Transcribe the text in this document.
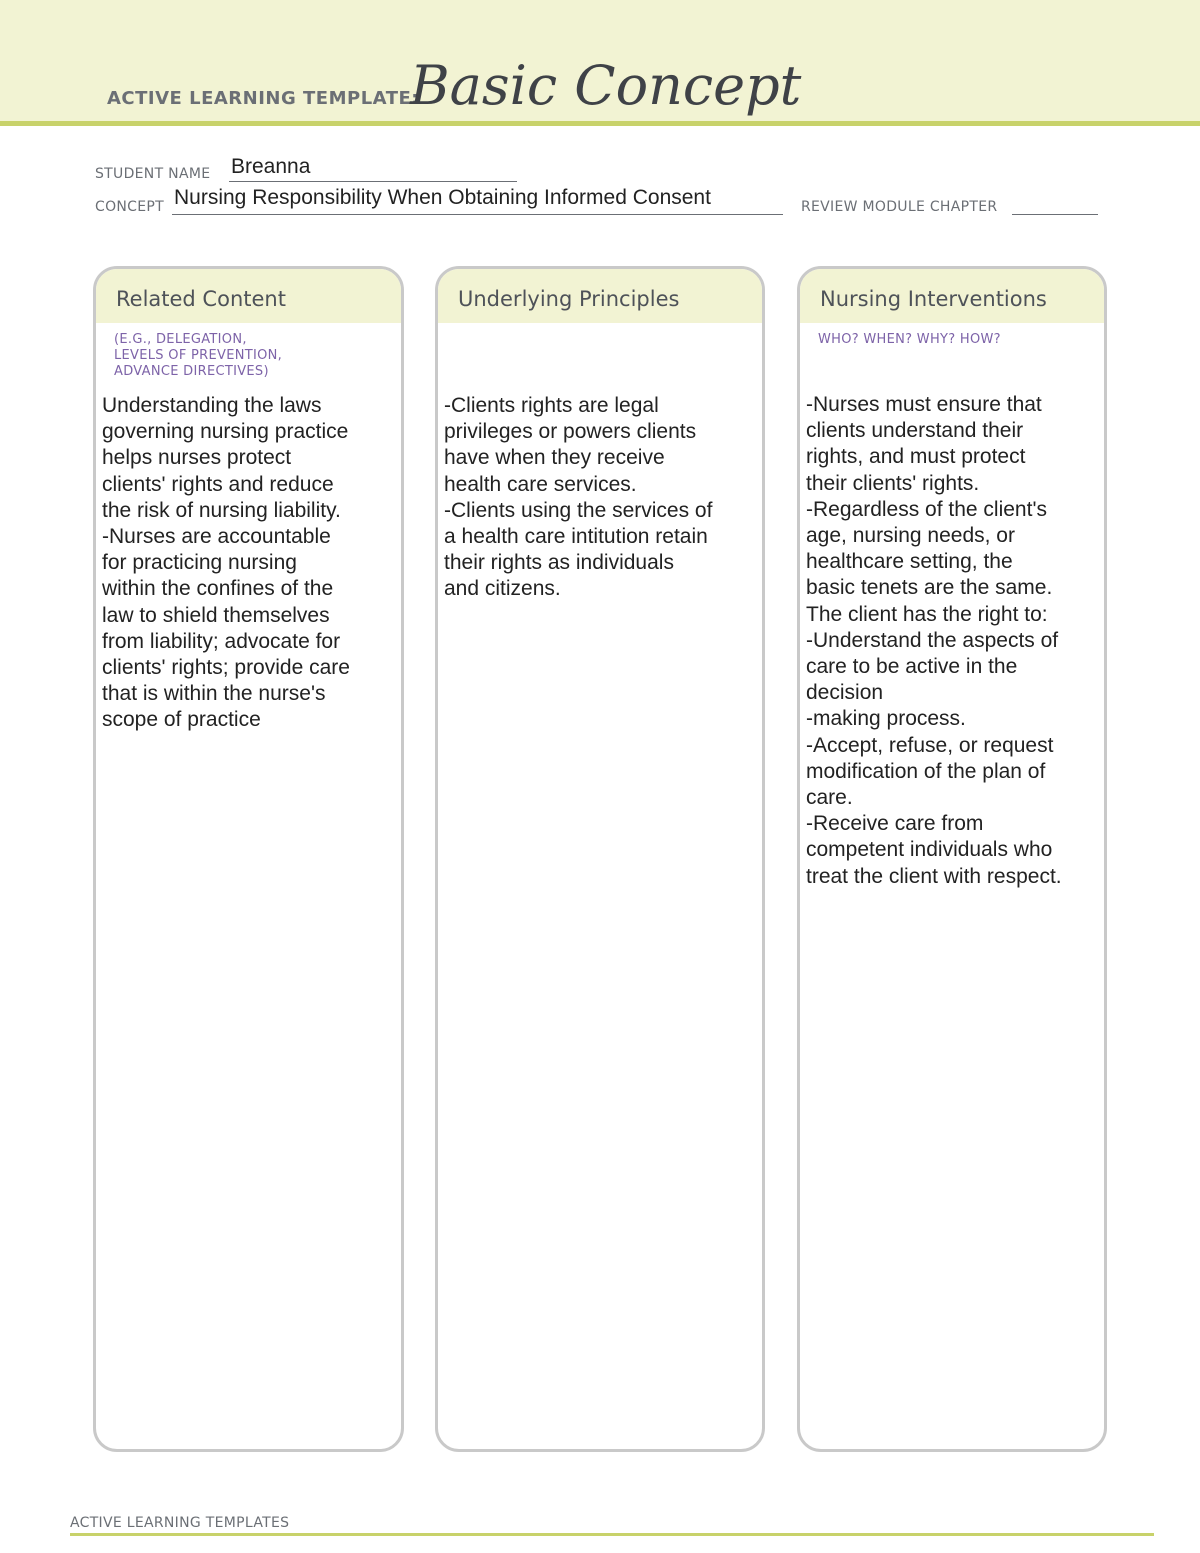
ACTIVE LEARNING TEMPLATE:
Basic Concept
STUDENT NAME Breanna
CONCEPT Nursing Responsibility When Obtaining Informed Consent	REVIEW MODULE CHAPTER
Related Content
(E.G., DELEGATION,
LEVELS OF PREVENTION,
ADVANCE DIRECTIVES)
Understanding the laws
governing nursing practice
helps nurses protect
clients' rights and reduce
the risk of nursing liability.
-Nurses are accountable
for practicing nursing
within the confines of the
law to shield themselves
from liability; advocate for
clients' rights; provide care
that is within the nurse's
scope of practice
Underlying Principles
-Clients rights are legal
privileges or powers clients
have when they receive
health care services.
-Clients using the services of
a health care intitution retain
their rights as individuals
and citizens.
Nursing Interventions
WHO? WHEN? WHY? HOW?
-Nurses must ensure that
clients understand their
rights, and must protect
their clients' rights.
-Regardless of the client's
age, nursing needs, or
healthcare setting, the
basic tenets are the same.
The client has the right to:
-Understand the aspects of
care to be active in the
decision
-making process.
-Accept, refuse, or request
modification of the plan of
care.
-Receive care from
competent individuals who
treat the client with respect.
ACTIVE LEARNING TEMPLATES
